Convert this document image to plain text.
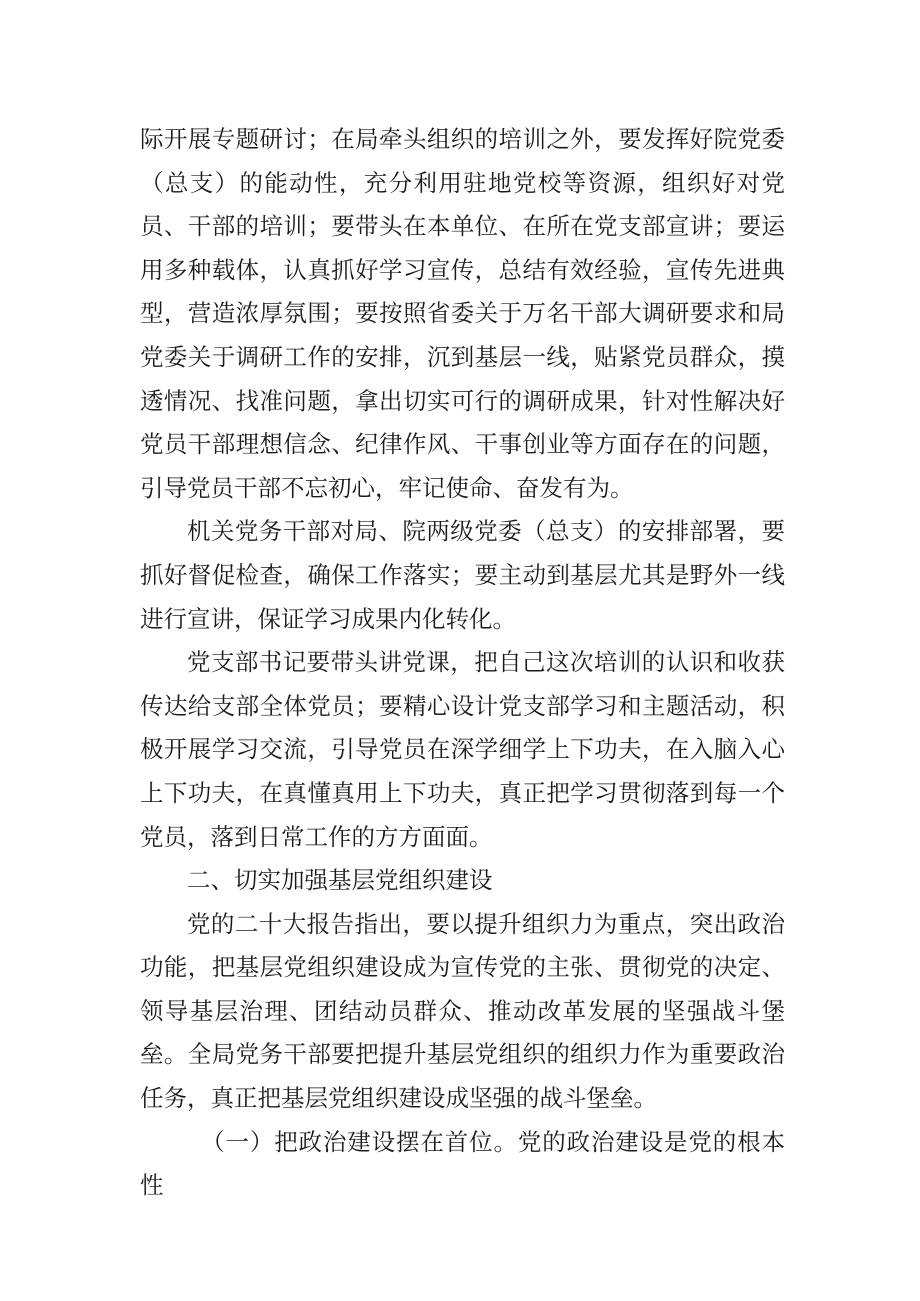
际开展专题研讨；在局牵头组织的培训之外，要发挥好院党委（总支）的能动性，充分利用驻地党校等资源，组织好对党员、干部的培训；要带头在本单位、在所在党支部宣讲；要运用多种载体，认真抓好学习宣传，总结有效经验，宣传先进典型，营造浓厚氛围；要按照省委关于万名干部大调研要求和局党委关于调研工作的安排，沉到基层一线，贴紧党员群众，摸透情况、找准问题，拿出切实可行的调研成果，针对性解决好党员干部理想信念、纪律作风、干事创业等方面存在的问题，引导党员干部不忘初心，牢记使命、奋发有为。

机关党务干部对局、院两级党委（总支）的安排部署，要抓好督促检查，确保工作落实；要主动到基层尤其是野外一线进行宣讲，保证学习成果内化转化。

党支部书记要带头讲党课，把自己这次培训的认识和收获传达给支部全体党员；要精心设计党支部学习和主题活动，积极开展学习交流，引导党员在深学细学上下功夫，在入脑入心上下功夫，在真懂真用上下功夫，真正把学习贯彻落到每一个党员，落到日常工作的方方面面。

二、切实加强基层党组织建设

党的二十大报告指出，要以提升组织力为重点，突出政治功能，把基层党组织建设成为宣传党的主张、贯彻党的决定、领导基层治理、团结动员群众、推动改革发展的坚强战斗堡垒。全局党务干部要把提升基层党组织的组织力作为重要政治任务，真正把基层党组织建设成坚强的战斗堡垒。

（一）把政治建设摆在首位。党的政治建设是党的根本性
